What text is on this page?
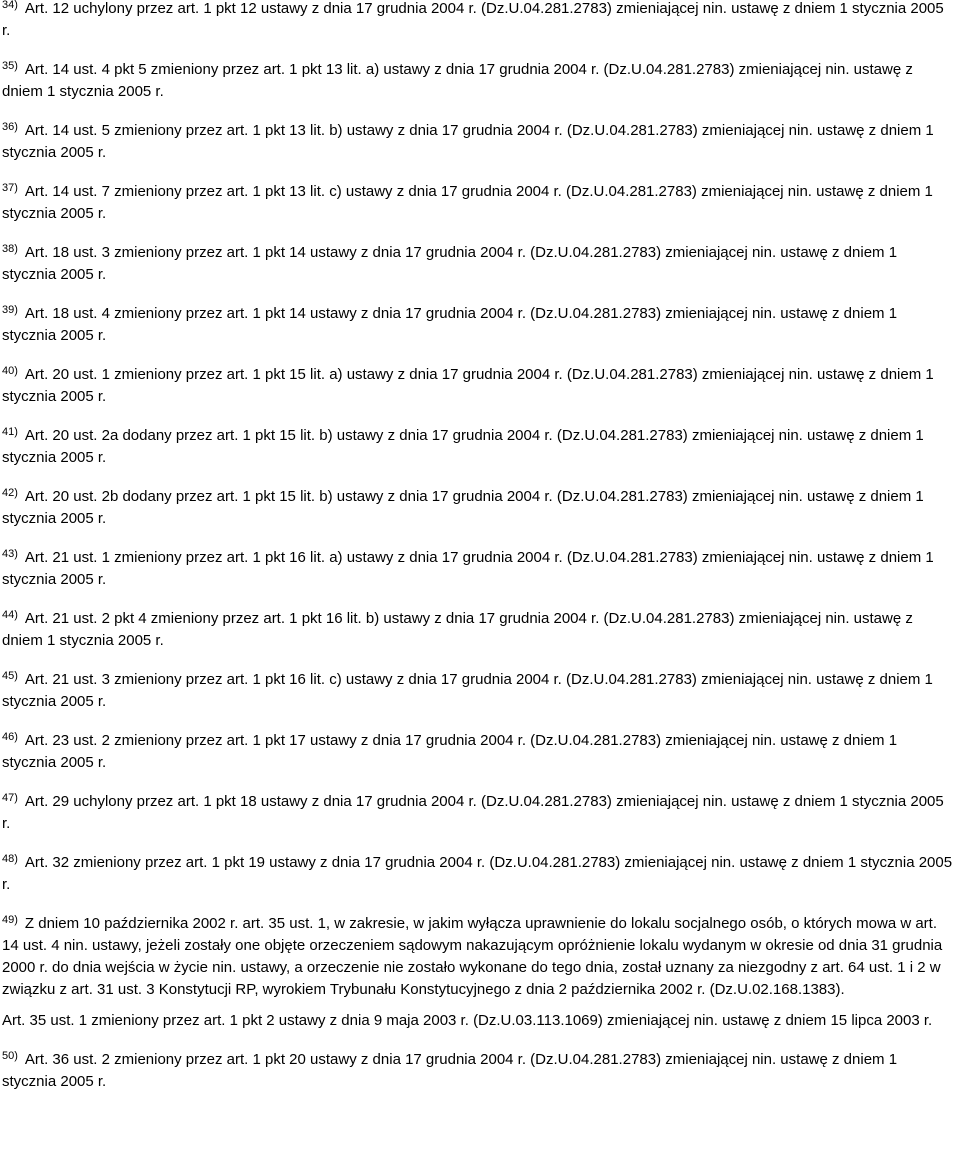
$^{34)}$ Art. 12 uchylony przez art. 1 pkt 12 ustawy z dnia 17 grudnia 2004 r. (Dz.U.04.281.2783) zmieniającej nin. ustawę z dniem 1 stycznia 2005 r.

$^{35)}$ Art. 14 ust. 4 pkt 5 zmieniony przez art. 1 pkt 13 lit. a) ustawy z dnia 17 grudnia 2004 r. (Dz.U.04.281.2783) zmieniającej nin. ustawę z dniem 1 stycznia 2005 r.

$^{36)}$ Art. 14 ust. 5 zmieniony przez art. 1 pkt 13 lit. b) ustawy z dnia 17 grudnia 2004 r. (Dz.U.04.281.2783) zmieniającej nin. ustawę z dniem 1 stycznia 2005 r.

$^{37)}$ Art. 14 ust. 7 zmieniony przez art. 1 pkt 13 lit. c) ustawy z dnia 17 grudnia 2004 r. (Dz.U.04.281.2783) zmieniającej nin. ustawę z dniem 1 stycznia 2005 r.

$^{38)}$ Art. 18 ust. 3 zmieniony przez art. 1 pkt 14 ustawy z dnia 17 grudnia 2004 r. (Dz.U.04.281.2783) zmieniającej nin. ustawę z dniem 1 stycznia 2005 r.

$^{39)}$ Art. 18 ust. 4 zmieniony przez art. 1 pkt 14 ustawy z dnia 17 grudnia 2004 r. (Dz.U.04.281.2783) zmieniającej nin. ustawę z dniem 1 stycznia 2005 r.

$^{40)}$ Art. 20 ust. 1 zmieniony przez art. 1 pkt 15 lit. a) ustawy z dnia 17 grudnia 2004 r. (Dz.U.04.281.2783) zmieniającej nin. ustawę z dniem 1 stycznia 2005 r.

$^{41)}$ Art. 20 ust. 2a dodany przez art. 1 pkt 15 lit. b) ustawy z dnia 17 grudnia 2004 r. (Dz.U.04.281.2783) zmieniającej nin. ustawę z dniem 1 stycznia 2005 r.

$^{42)}$ Art. 20 ust. 2b dodany przez art. 1 pkt 15 lit. b) ustawy z dnia 17 grudnia 2004 r. (Dz.U.04.281.2783) zmieniającej nin. ustawę z dniem 1 stycznia 2005 r.

$^{43)}$ Art. 21 ust. 1 zmieniony przez art. 1 pkt 16 lit. a) ustawy z dnia 17 grudnia 2004 r. (Dz.U.04.281.2783) zmieniającej nin. ustawę z dniem 1 stycznia 2005 r.

$^{44)}$ Art. 21 ust. 2 pkt 4 zmieniony przez art. 1 pkt 16 lit. b) ustawy z dnia 17 grudnia 2004 r. (Dz.U.04.281.2783) zmieniającej nin. ustawę z dniem 1 stycznia 2005 r.

$^{45)}$ Art. 21 ust. 3 zmieniony przez art. 1 pkt 16 lit. c) ustawy z dnia 17 grudnia 2004 r. (Dz.U.04.281.2783) zmieniającej nin. ustawę z dniem 1 stycznia 2005 r.

$^{46)}$ Art. 23 ust. 2 zmieniony przez art. 1 pkt 17 ustawy z dnia 17 grudnia 2004 r. (Dz.U.04.281.2783) zmieniającej nin. ustawę z dniem 1 stycznia 2005 r.

$^{47)}$ Art. 29 uchylony przez art. 1 pkt 18 ustawy z dnia 17 grudnia 2004 r. (Dz.U.04.281.2783) zmieniającej nin. ustawę z dniem 1 stycznia 2005 r.

$^{48)}$ Art. 32 zmieniony przez art. 1 pkt 19 ustawy z dnia 17 grudnia 2004 r. (Dz.U.04.281.2783) zmieniającej nin. ustawę z dniem 1 stycznia 2005 r.

$^{49)}$ Z dniem 10 października 2002 r. art. 35 ust. 1, w zakresie, w jakim wyłącza uprawnienie do lokalu socjalnego osób, o których mowa w art. 14 ust. 4 nin. ustawy, jeżeli zostały one objęte orzeczeniem sądowym nakazującym opróżnienie lokalu wydanym w okresie od dnia 31 grudnia 2000 r. do dnia wejścia w życie nin. ustawy, a orzeczenie nie zostało wykonane do tego dnia, został uznany za niezgodny z art. 64 ust. 1 i 2 w związku z art. 31 ust. 3 Konstytucji RP, wyrokiem Trybunału Konstytucyjnego z dnia 2 października 2002 r. (Dz.U.02.168.1383).
Art. 35 ust. 1 zmieniony przez art. 1 pkt 2 ustawy z dnia 9 maja 2003 r. (Dz.U.03.113.1069) zmieniającej nin. ustawę z dniem 15 lipca 2003 r.

$^{50)}$ Art. 36 ust. 2 zmieniony przez art. 1 pkt 20 ustawy z dnia 17 grudnia 2004 r. (Dz.U.04.281.2783) zmieniającej nin. ustawę z dniem 1 stycznia 2005 r.
